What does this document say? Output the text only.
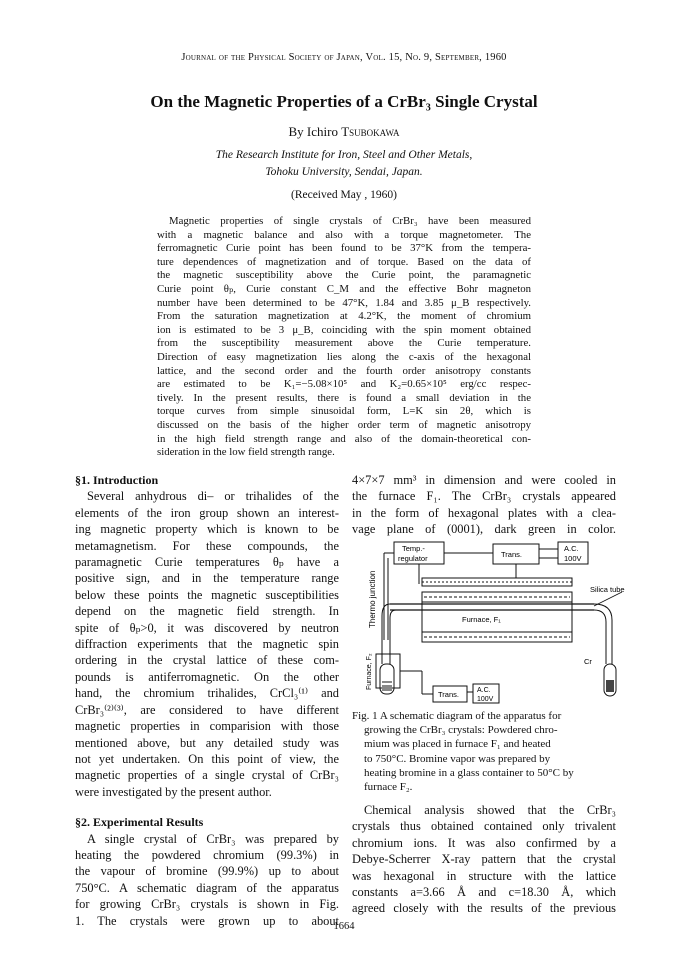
Journal of the Physical Society of Japan, Vol. 15, No. 9, September, 1960
On the Magnetic Properties of a CrBr₃ Single Crystal
By Ichiro Tsubokawa
The Research Institute for Iron, Steel and Other Metals,
Tohoku University, Sendai, Japan.
(Received May , 1960)
Magnetic properties of single crystals of CrBr₃ have been measured
with a magnetic balance and also with a torque magnetometer. The
ferromagnetic Curie point has been found to be 37°K from the tempera-
ture dependences of magnetization and of torque. Based on the data of
the magnetic susceptibility above the Curie point, the paramagnetic
Curie point θₚ, Curie constant C_M and the effective Bohr magneton
number have been determined to be 47°K, 1.84 and 3.85 μ_B respectively.
From the saturation magnetization at 4.2°K, the moment of chromium
ion is estimated to be 3 μ_B, coinciding with the spin moment obtained
from the susceptibility measurement above the Curie temperature.
Direction of easy magnetization lies along the c-axis of the hexagonal
lattice, and the second order and the fourth order anisotropy constants
are estimated to be K₁=−5.08×10⁵ and K₂=0.65×10⁵ erg/cc respec-
tively. In the present results, there is found a small deviation in the
torque curves from simple sinusoidal form, L=K sin 2θ, which is
discussed on the basis of the higher order term of magnetic anisotropy
in the high field strength range and also of the domain-theoretical con-
sideration in the low field strength range.
§1. Introduction
Several anhydrous di– or trihalides of the
elements of the iron group shown an interest-
ing magnetic property which is known to be
metamagnetism. For these compounds, the
paramagnetic Curie temperatures θₚ have a
positive sign, and in the temperature range
below these points the magnetic susceptibilities
depend on the magnetic field strength. In
spite of θₚ>0, it was discovered by neutron
diffraction experiments that the magnetic spin
ordering in the crystal lattice of these com-
pounds is antiferromagnetic. On the other
hand, the chromium trihalides, CrCl₃⁽¹⁾ and
CrBr₃⁽²⁾⁽³⁾, are considered to have different
magnetic properties in comparision with those
mentioned above, but any detailed study was
not yet undertaken. On this point of view, the
magnetic properties of a single crystal of CrBr₃
were investigated by the present author.
§2. Experimental Results
A single crystal of CrBr₃ was prepared by
heating the powdered chromium (99.3%) in
the vapour of bromine (99.9%) up to about
750°C. A schematic diagram of the apparatus
for growing CrBr₃ crystals is shown in Fig.
1. The crystals were grown up to about
4×7×7 mm³ in dimension and were cooled in
the furnace F₁. The CrBr₃ crystals appeared
in the form of hexagonal plates with a clea-
vage plane of (0001), dark green in color.
Thermo junction
Temp.-
regulator	Trans.
A.C.
100V
Silica tube
Furnace, F₁
Cr
Furnace, F₂
Trans.	A.C.
100V
Fig. 1 A schematic diagram of the apparatus for
growing the CrBr₃ crystals: Powdered chro-
mium was placed in furnace F₁ and heated
to 750°C. Bromine vapor was prepared by
heating bromine in a glass container to 50°C by
furnace F₂.
Chemical analysis showed that the CrBr₃
crystals thus obtained contained only trivalent
chromium ions. It was also confirmed by a
Debye-Scherrer X-ray pattern that the crystal
was hexagonal in structure with the lattice
constants a=3.66 Å and c=18.30 Å, which
agreed closely with the results of the previous
1664
